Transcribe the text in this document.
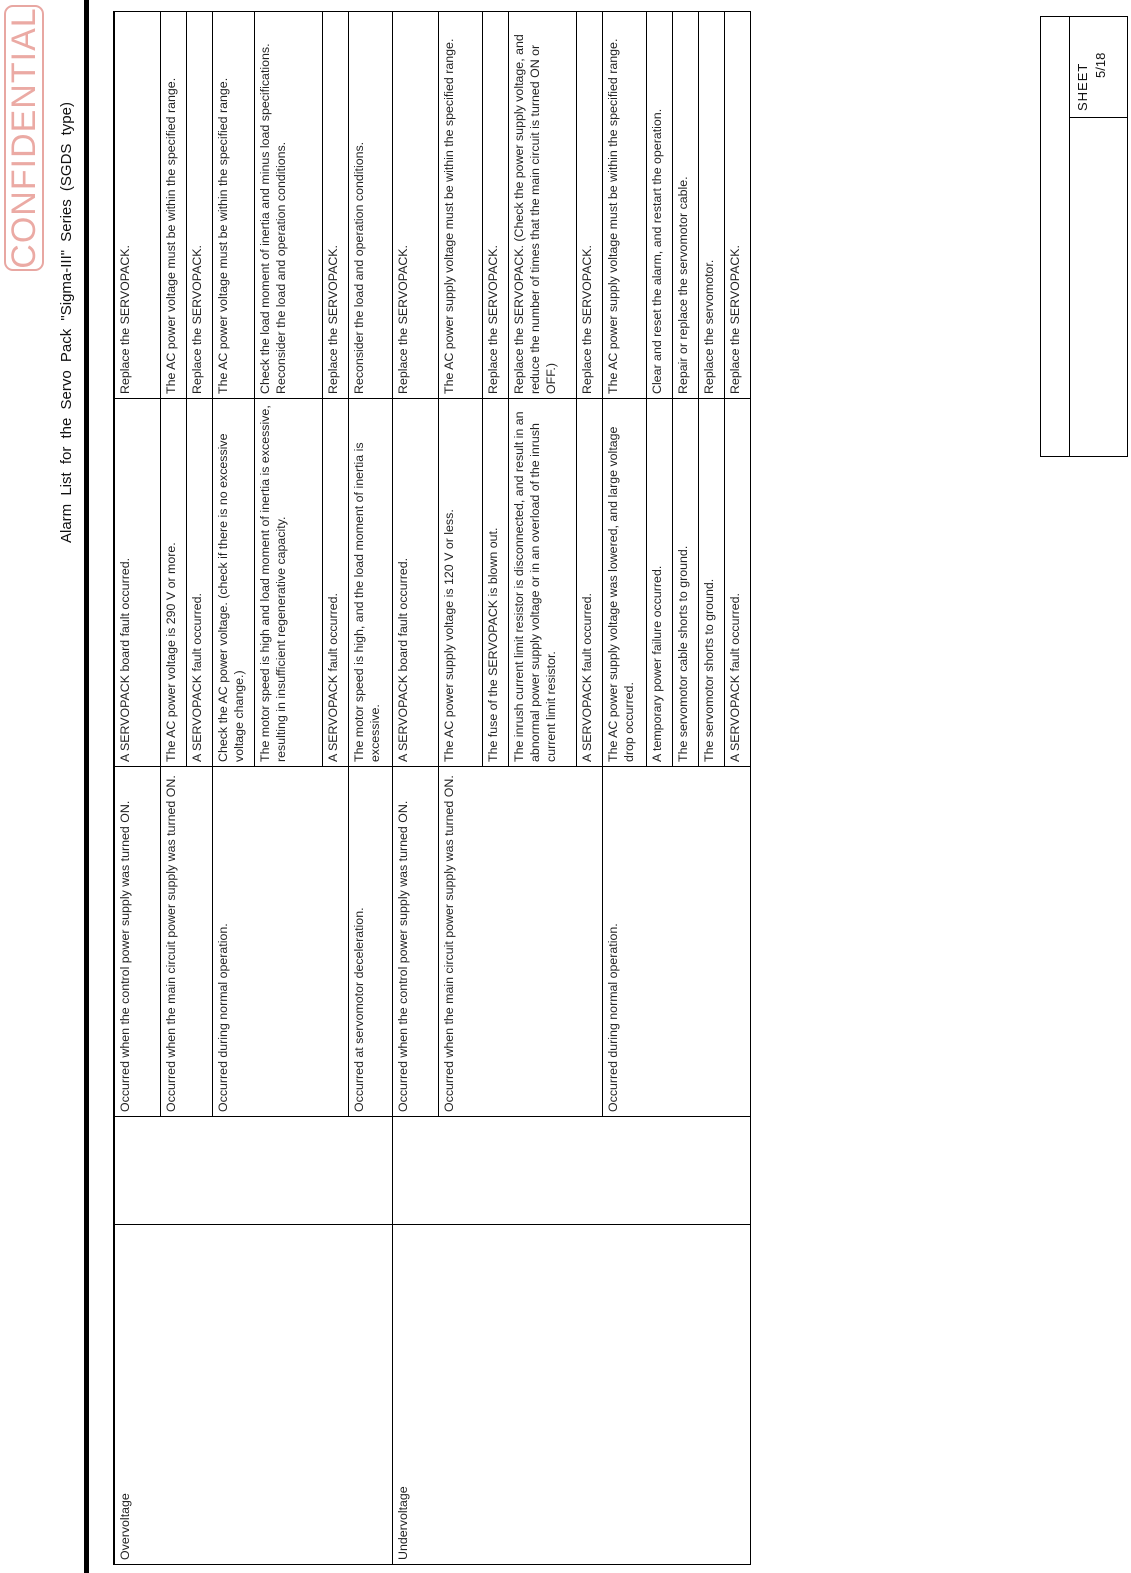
CONFIDENTIAL Alarm List for the Servo Pack "Sigma-III" Series (SGDS type)
Overvoltage		Occurred when the control power supply was turned ON.	A SERVOPACK board fault occurred.	Replace the SERVOPACK.
		Occurred when the main circuit power supply was turned ON.	The AC power voltage is 290 V or more.	The AC power voltage must be within the specified range.
			A SERVOPACK fault occurred.	Replace the SERVOPACK.
		Occurred during normal operation.	Check the AC power voltage. (check if there is no excessive voltage change.)	The AC power voltage must be within the specified range.
			The motor speed is high and load moment of inertia is excessive, resulting in insufficient regenerative capacity.	Check the load moment of inertia and minus load specifications. Reconsider the load and operation conditions.
			A SERVOPACK fault occurred.	Replace the SERVOPACK.
		Occurred at servomotor deceleration.	The motor speed is high, and the load moment of inertia is excessive.	Reconsider the load and operation conditions.
Undervoltage		Occurred when the control power supply was turned ON.	A SERVOPACK board fault occurred.	Replace the SERVOPACK.
		Occurred when the main circuit power supply was turned ON.	The AC power supply voltage is 120 V or less.	The AC power supply voltage must be within the specified range.
			The fuse of the SERVOPACK is blown out.	Replace the SERVOPACK.
			The inrush current limit resistor is disconnected, and result in an abnormal power supply voltage or in an overload of the inrush current limit resistor.	Replace the SERVOPACK. (Check the power supply voltage, and reduce the number of times that the main circuit is turned ON or OFF.)
			A SERVOPACK fault occurred.	Replace the SERVOPACK.
		Occurred during normal operation.	The AC power supply voltage was lowered, and large voltage drop occurred.	The AC power supply voltage must be within the specified range.
			A temporary power failure occurred.	Clear and reset the alarm, and restart the operation.
			The servomotor cable shorts to ground.	Repair or replace the servomotor cable.
			The servomotor shorts to ground.	Replace the servomotor.
			A SERVOPACK fault occurred.	Replace the SERVOPACK.
SHEET 5/18
